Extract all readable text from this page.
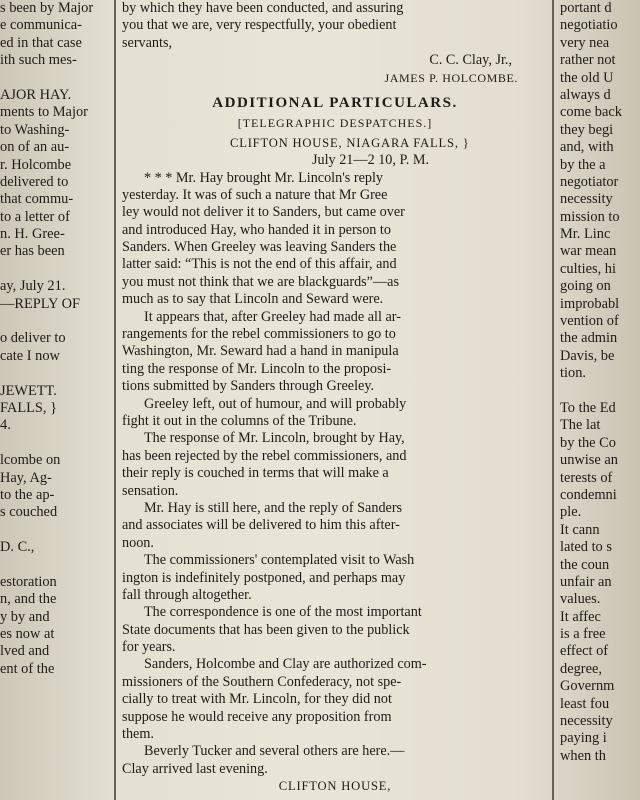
s been by Major
e communica-
ed in that case
ith such mes-
AJOR HAY.
ments to Major
to Washing-
on of an au-
r. Holcombe
delivered to
that commu-
to a letter of
n. H. Gree-
er has been
ay, July 21.
—REPLY OF
o deliver to
cate I now
JEWETT.
FALLS, }
4.
lcombe on
Hay, Ag-
to the ap-
s couched
D. C.,
estoration
n, and the
y by and
es now at
lved and
ent of the
by which they have been conducted, and assuring
you that we are, very respectfully, your obedient
servants,
C. C. Clay, Jr.,
JAMES P. HOLCOMBE.
ADDITIONAL PARTICULARS.
[TELEGRAPHIC DESPATCHES.]
CLIFTON HOUSE, NIAGARA FALLS, }
July 21—2 10, P. M.
* * * Mr. Hay brought Mr. Lincoln's reply
yesterday. It was of such a nature that Mr Gree
ley would not deliver it to Sanders, but came over
and introduced Hay, who handed it in person to
Sanders. When Greeley was leaving Sanders the
latter said: “This is not the end of this affair, and
you must not think that we are blackguards”—as
much as to say that Lincoln and Seward were.
It appears that, after Greeley had made all ar-
rangements for the rebel commissioners to go to
Washington, Mr. Seward had a hand in manipula
ting the response of Mr. Lincoln to the proposi-
tions submitted by Sanders through Greeley.
Greeley left, out of humour, and will probably
fight it out in the columns of the Tribune.
The response of Mr. Lincoln, brought by Hay,
has been rejected by the rebel commissioners, and
their reply is couched in terms that will make a
sensation.
Mr. Hay is still here, and the reply of Sanders
and associates will be delivered to him this after-
noon.
The commissioners' contemplated visit to Wash
ington is indefinitely postponed, and perhaps may
fall through altogether.
The correspondence is one of the most important
State documents that has been given to the publick
for years.
Sanders, Holcombe and Clay are authorized com-
missioners of the Southern Confederacy, not spe-
cially to treat with Mr. Lincoln, for they did not
suppose he would receive any proposition from
them.
Beverly Tucker and several others are here.—
Clay arrived last evening.
CLIFTON HOUSE,
portant d
negotiatio
very nea
rather not
the old U
always d
come back
they begi
and, with
by the a
negotiator
necessity
mission to
Mr. Linc
war mean
culties, hi
going on
improbabl
vention of
the admin
Davis, be
tion.
To the Ed
The lat
by the Co
unwise an
terests of
condemni
ple.
It cann
lated to s
the coun
unfair an
values.
It affec
is a free
effect of
degree,
Governm
least fou
necessity
paying i
when th
